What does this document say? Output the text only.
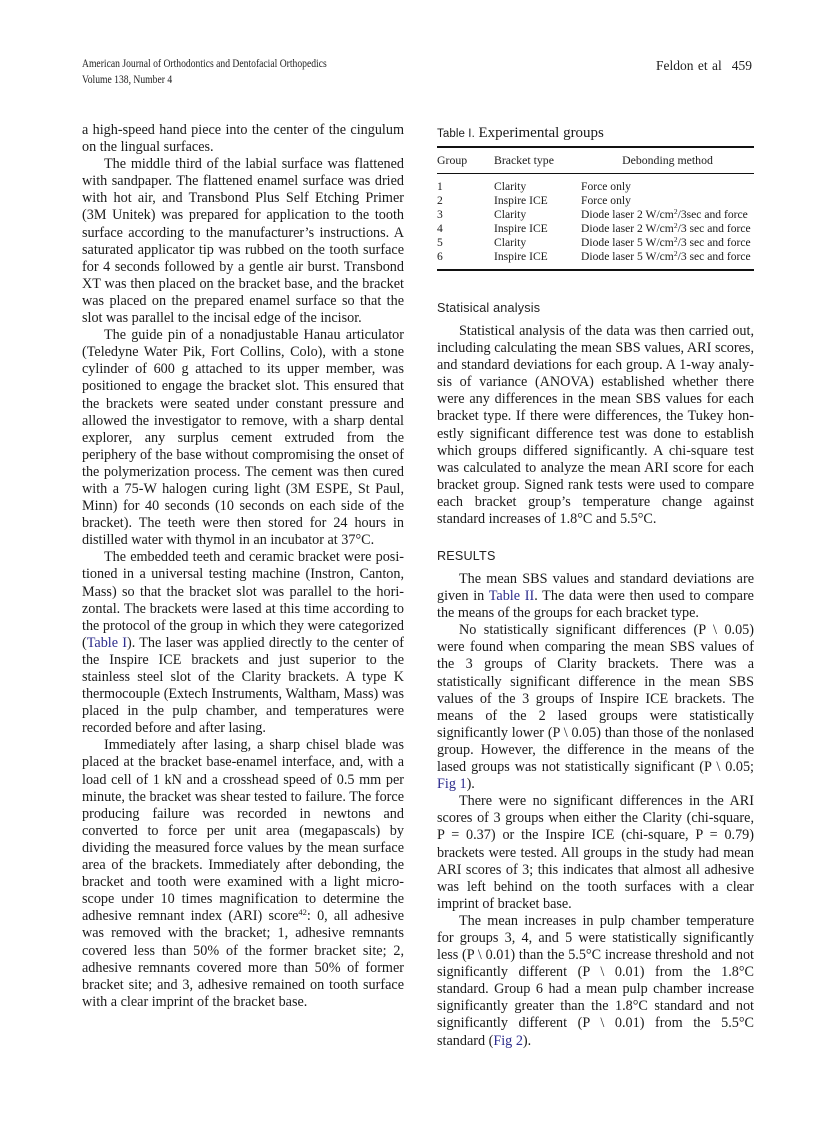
American Journal of Orthodontics and Dentofacial Orthopedics
Volume 138, Number 4
Feldon et al 459

a high-speed hand piece into the center of the cingulum on the lingual surfaces.

The middle third of the labial surface was flattened with sandpaper. The flattened enamel surface was dried with hot air, and Transbond Plus Self Etching Primer (3M Unitek) was prepared for application to the tooth surface according to the manufacturer’s instructions. A saturated applicator tip was rubbed on the tooth surface for 4 seconds followed by a gentle air burst. Transbond XT was then placed on the bracket base, and the bracket was placed on the prepared enamel surface so that the slot was parallel to the incisal edge of the incisor.

The guide pin of a nonadjustable Hanau articulator (Teledyne Water Pik, Fort Collins, Colo), with a stone cylinder of 600 g attached to its upper member, was positioned to engage the bracket slot. This ensured that the brackets were seated under constant pressure and allowed the investigator to remove, with a sharp dental explorer, any surplus cement extruded from the periphery of the base without compromising the onset of the polymerization process. The cement was then cured with a 75-W halogen curing light (3M ESPE, St Paul, Minn) for 40 seconds (10 seconds on each side of the bracket). The teeth were then stored for 24 hours in distilled water with thymol in an incubator at 37°C.

The embedded teeth and ceramic bracket were positioned in a universal testing machine (Instron, Canton, Mass) so that the bracket slot was parallel to the horizontal. The brackets were lased at this time according to the protocol of the group in which they were categorized (Table I). The laser was applied directly to the center of the Inspire ICE brackets and just superior to the stainless steel slot of the Clarity brackets. A type K thermocouple (Extech Instruments, Waltham, Mass) was placed in the pulp chamber, and temperatures were recorded before and after lasing.

Immediately after lasing, a sharp chisel blade was placed at the bracket base-enamel interface, and, with a load cell of 1 kN and a crosshead speed of 0.5 mm per minute, the bracket was shear tested to failure. The force producing failure was recorded in newtons and converted to force per unit area (megapascals) by dividing the measured force values by the mean surface area of the brackets. Immediately after debonding, the bracket and tooth were examined with a light microscope under 10 times magnification to determine the adhesive remnant index (ARI) score$^{42}$: 0, all adhesive was removed with the bracket; 1, adhesive remnants covered less than 50% of the former bracket site; 2, adhesive remnants covered more than 50% of former bracket site; and 3, adhesive remained on tooth surface with a clear imprint of the bracket base.

Table I. Experimental groups
Group	Bracket type	Debonding method

1	Clarity	Force only
2	Inspire ICE	Force only
3	Clarity	Diode laser 2 $W/cm^2/3\sec$ and force
4	Inspire ICE	Diode laser 2 $W/cm^2/3$ sec and force
5	Clarity	Diode laser 5 $W/cm^2/3$ sec and force
6	Inspire ICE	Diode laser 5 $W/cm^2/3$ sec and force
Statisical analysis

Statistical analysis of the data was then carried out, including calculating the mean SBS values, ARI scores, and standard deviations for each group. A 1-way analysis of variance (ANOVA) established whether there were any differences in the mean SBS values for each bracket type. If there were differences, the Tukey honestly significant difference test was done to establish which groups differed significantly. A chi-square test was calculated to analyze the mean ARI score for each bracket group. Signed rank tests were used to compare each bracket group’s temperature change against standard increases of 1.8°C and 5.5°C.

RESULTS

The mean SBS values and standard deviations are given in Table II. The data were then used to compare the means of the groups for each bracket type.

No statistically significant differences (P \ 0.05) were found when comparing the mean SBS values of the 3 groups of Clarity brackets. There was a statistically significant difference in the mean SBS values of the 3 groups of Inspire ICE brackets. The means of the 2 lased groups were statistically significantly lower (P \ 0.05) than those of the nonlased group. However, the difference in the means of the lased groups was not statistically significant (P \ 0.05; Fig 1).

There were no significant differences in the ARI scores of 3 groups when either the Clarity (chi-square, P = 0.37) or the Inspire ICE (chi-square, P = 0.79) brackets were tested. All groups in the study had mean ARI scores of 3; this indicates that almost all adhesive was left behind on the tooth surfaces with a clear imprint of bracket base.

The mean increases in pulp chamber temperature for groups 3, 4, and 5 were statistically significantly less (P \ 0.01) than the 5.5°C increase threshold and not significantly different (P \ 0.01) from the 1.8°C standard. Group 6 had a mean pulp chamber increase significantly greater than the 1.8°C standard and not significantly different (P \ 0.01) from the 5.5°C standard (Fig 2).
